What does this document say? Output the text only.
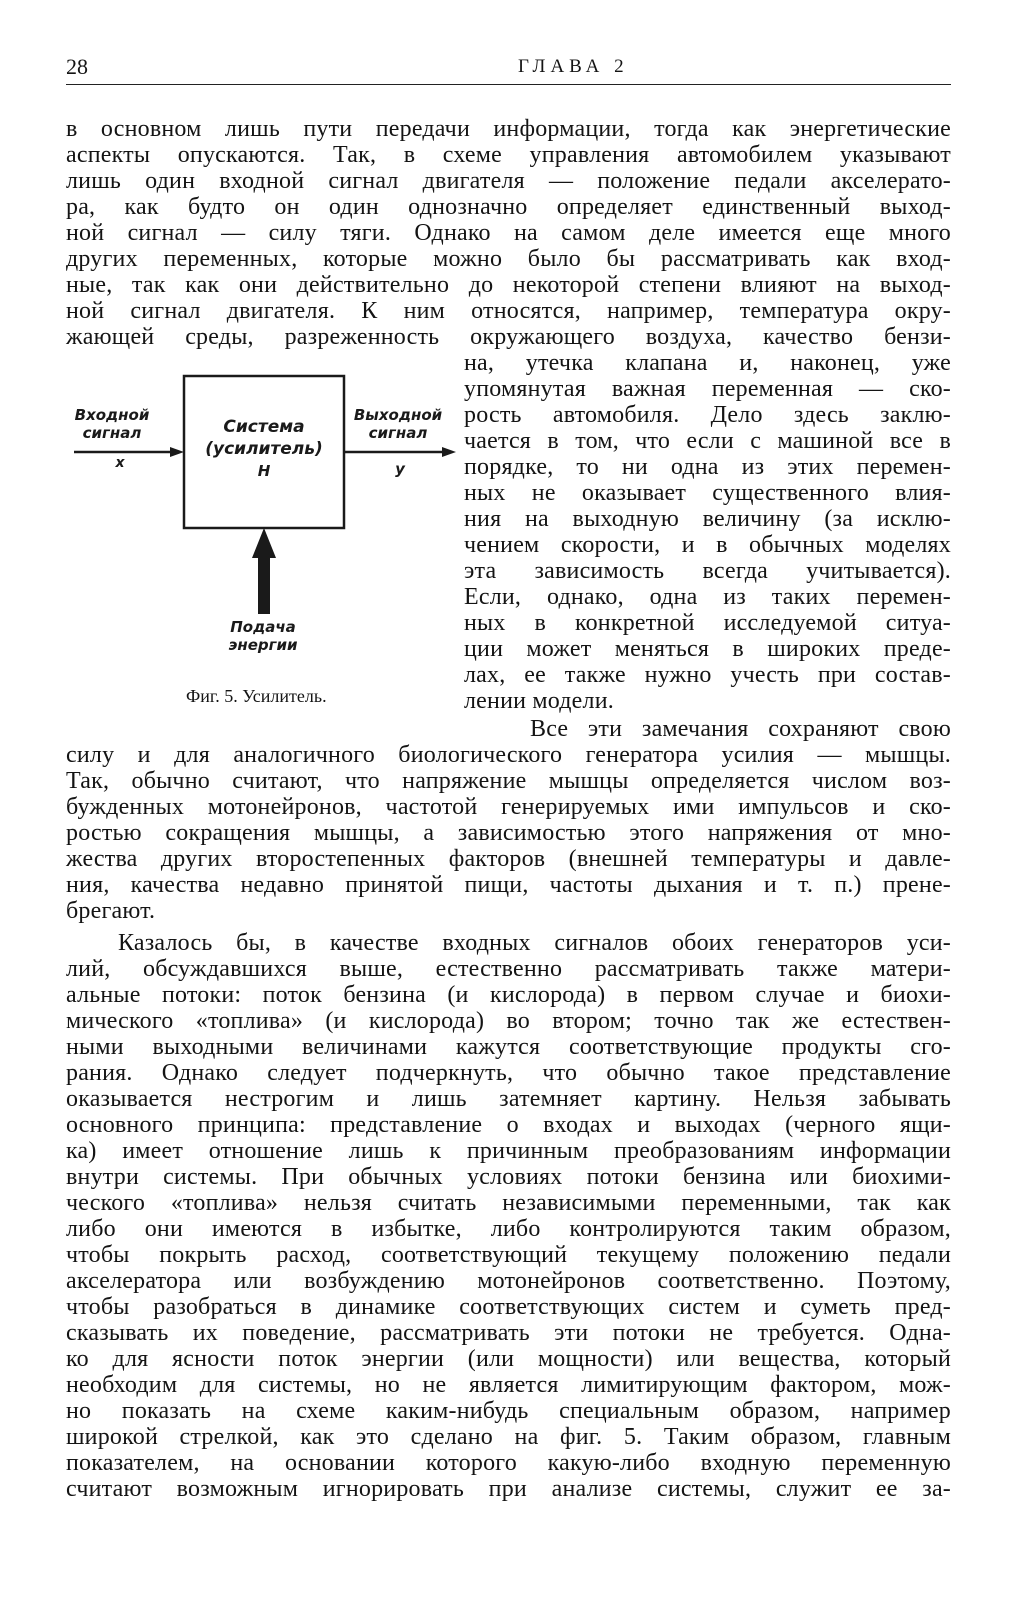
28	ГЛАВА 2
в основном лишь пути передачи информации, тогда как энергетические
аспекты опускаются. Так, в схеме управления автомобилем указывают
лишь один входной сигнал двигателя — положение педали акселерато-
ра, как будто он один однозначно определяет единственный выход-
ной сигнал — силу тяги. Однако на самом деле имеется еще много
других переменных, которые можно было бы рассматривать как вход-
ные, так как они действительно до некоторой степени влияют на выход-
ной сигнал двигателя. К ним относятся, например, температура окру-
жающей среды, разреженность окружающего воздуха, качество бензи-
на, утечка клапана и, наконец, уже
упомянутая важная переменная — ско-
рость автомобиля. Дело здесь заклю-
чается в том, что если с машиной все в
порядке, то ни одна из этих перемен-
ных не оказывает существенного влия-
ния на выходную величину (за исклю-
чением скорости, и в обычных моделях
эта зависимость всегда учитывается).
Если, однако, одна из таких перемен-
ных в конкретной исследуемой ситуа-
ции может меняться в широких преде-
лах, ее также нужно учесть при состав-
лении модели.
Входной
сигнал
x
Система
(усилитель)
H
Выходной
сигнал
y
Подача
энергии
Фиг. 5. Усилитель.
Все эти замечания сохраняют свою
силу и для аналогичного биологического генератора усилия — мышцы.
Так, обычно считают, что напряжение мышцы определяется числом воз-
бужденных мотонейронов, частотой генерируемых ими импульсов и ско-
ростью сокращения мышцы, а зависимостью этого напряжения от мно-
жества других второстепенных факторов (внешней температуры и давле-
ния, качества недавно принятой пищи, частоты дыхания и т. п.) прене-
брегают.
Казалось бы, в качестве входных сигналов обоих генераторов уси-
лий, обсуждавшихся выше, естественно рассматривать также матери-
альные потоки: поток бензина (и кислорода) в первом случае и биохи-
мического «топлива» (и кислорода) во втором; точно так же естествен-
ными выходными величинами кажутся соответствующие продукты сго-
рания. Однако следует подчеркнуть, что обычно такое представление
оказывается нестрогим и лишь затемняет картину. Нельзя забывать
основного принципа: представление о входах и выходах (черного ящи-
ка) имеет отношение лишь к причинным преобразованиям информации
внутри системы. При обычных условиях потоки бензина или биохими-
ческого «топлива» нельзя считать независимыми переменными, так как
либо они имеются в избытке, либо контролируются таким образом,
чтобы покрыть расход, соответствующий текущему положению педали
акселератора или возбуждению мотонейронов соответственно. Поэтому,
чтобы разобраться в динамике соответствующих систем и суметь пред-
сказывать их поведение, рассматривать эти потоки не требуется. Одна-
ко для ясности поток энергии (или мощности) или вещества, который
необходим для системы, но не является лимитирующим фактором, мож-
но показать на схеме каким-нибудь специальным образом, например
широкой стрелкой, как это сделано на фиг. 5. Таким образом, главным
показателем, на основании которого какую-либо входную переменную
считают возможным игнорировать при анализе системы, служит ее за-
